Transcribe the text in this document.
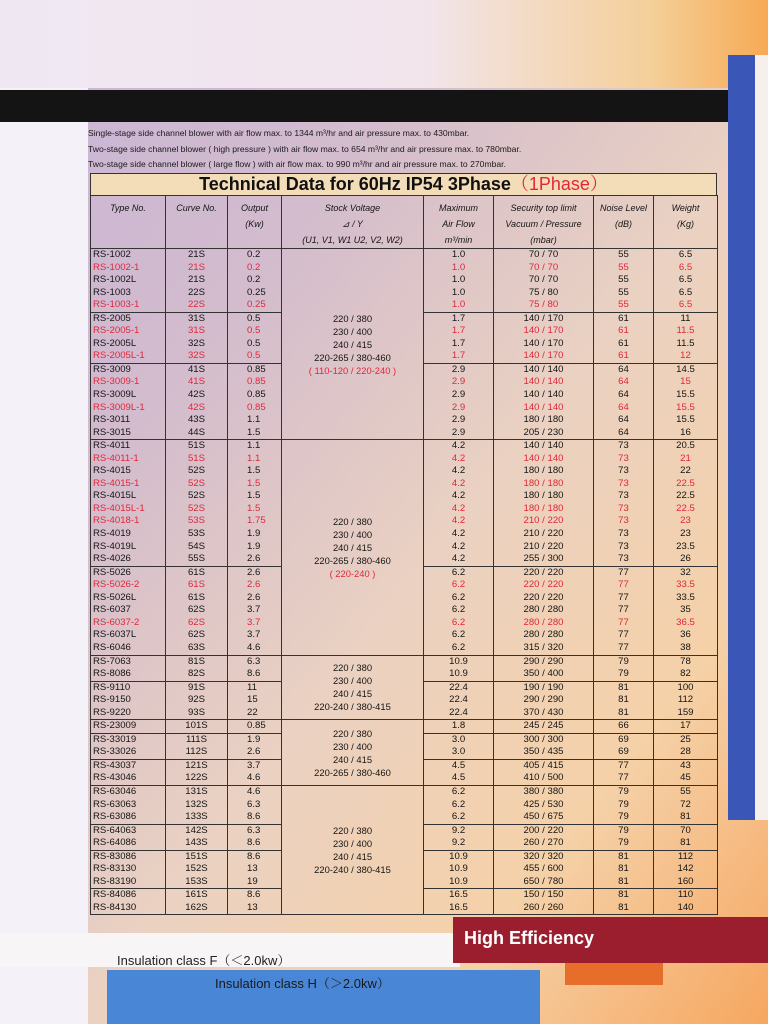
Single-stage side channel blower with air flow max. to 1344 m³/hr and air pressure max. to 430mbar.
Two-stage side channel blower ( high pressure ) with air flow max. to 654 m³/hr and air pressure max. to 780mbar.
Two-stage side channel blower ( large flow ) with air flow max. to 990 m³/hr and air pressure max. to 270mbar.
Technical Data for 60Hz IP54 3Phase（1Phase）
Type No.	Curve No.	Output
(Kw)	Stock Voltage
⊿ / Y
(U1, V1, W1 U2, V2, W2)	Maximum
Air Flow
m³/min	Security top limit
Vacuum / Pressure
(mbar)	Noise Level
(dB)	Weight
(Kg)
RS-1002	21S	0.2	220 / 380
230 / 400
240 / 415
220-265 / 380-460
( 110-120 / 220-240 )	1.0	70 / 70	55	6.5
RS-1002-1	21S	0.2		1.0	70 / 70	55	6.5
RS-1002L	21S	0.2		1.0	70 / 70	55	6.5
RS-1003	22S	0.25		1.0	75 / 80	55	6.5
RS-1003-1	22S	0.25		1.0	75 / 80	55	6.5
RS-2005	31S	0.5		1.7	140 / 170	61	11
RS-2005-1	31S	0.5		1.7	140 / 170	61	11.5
RS-2005L	32S	0.5		1.7	140 / 170	61	11.5
RS-2005L-1	32S	0.5		1.7	140 / 170	61	12
RS-3009	41S	0.85		2.9	140 / 140	64	14.5
RS-3009-1	41S	0.85		2.9	140 / 140	64	15
RS-3009L	42S	0.85		2.9	140 / 140	64	15.5
RS-3009L-1	42S	0.85		2.9	140 / 140	64	15.5
RS-3011	43S	1.1		2.9	180 / 180	64	15.5
RS-3015	44S	1.5		2.9	205 / 230	64	16
RS-4011	51S	1.1	220 / 380
230 / 400
240 / 415
220-265 / 380-460
( 220-240 )	4.2	140 / 140	73	20.5
RS-4011-1	51S	1.1		4.2	140 / 140	73	21
RS-4015	52S	1.5		4.2	180 / 180	73	22
RS-4015-1	52S	1.5		4.2	180 / 180	73	22.5
RS-4015L	52S	1.5		4.2	180 / 180	73	22.5
RS-4015L-1	52S	1.5		4.2	180 / 180	73	22.5
RS-4018-1	53S	1.75		4.2	210 / 220	73	23
RS-4019	53S	1.9		4.2	210 / 220	73	23
RS-4019L	54S	1.9		4.2	210 / 220	73	23.5
RS-4026	55S	2.6		4.2	255 / 300	73	26
RS-5026	61S	2.6		6.2	220 / 220	77	32
RS-5026-2	61S	2.6		6.2	220 / 220	77	33.5
RS-5026L	61S	2.6		6.2	220 / 220	77	33.5
RS-6037	62S	3.7		6.2	280 / 280	77	35
RS-6037-2	62S	3.7		6.2	280 / 280	77	36.5
RS-6037L	62S	3.7		6.2	280 / 280	77	36
RS-6046	63S	4.6		6.2	315 / 320	77	38
RS-7063	81S	6.3	220 / 380
230 / 400
240 / 415
220-240 / 380-415	10.9	290 / 290	79	78
RS-8086	82S	8.6		10.9	350 / 400	79	82
RS-9110	91S	11		22.4	190 / 190	81	100
RS-9150	92S	15		22.4	290 / 290	81	112
RS-9220	93S	22		22.4	370 / 430	81	159
RS-23009	101S	0.85	220 / 380
230 / 400
240 / 415
220-265 / 380-460	1.8	245 / 245	66	17
RS-33019	111S	1.9		3.0	300 / 300	69	25
RS-33026	112S	2.6		3.0	350 / 435	69	28
RS-43037	121S	3.7		4.5	405 / 415	77	43
RS-43046	122S	4.6		4.5	410 / 500	77	45
RS-63046	131S	4.6	220 / 380
230 / 400
240 / 415
220-240 / 380-415	6.2	380 / 380	79	55
RS-63063	132S	6.3		6.2	425 / 530	79	72
RS-63086	133S	8.6		6.2	450 / 675	79	81
RS-64063	142S	6.3		9.2	200 / 220	79	70
RS-64086	143S	8.6		9.2	260 / 270	79	81
RS-83086	151S	8.6		10.9	320 / 320	81	112
RS-83130	152S	13		10.9	455 / 600	81	142
RS-83190	153S	19		10.9	650 / 780	81	160
RS-84086	161S	8.6		16.5	150 / 150	81	110
RS-84130	162S	13		16.5	260 / 260	81	140
High Efficiency
Insulation class F（＜2.0kw）
Insulation class H（＞2.0kw）
